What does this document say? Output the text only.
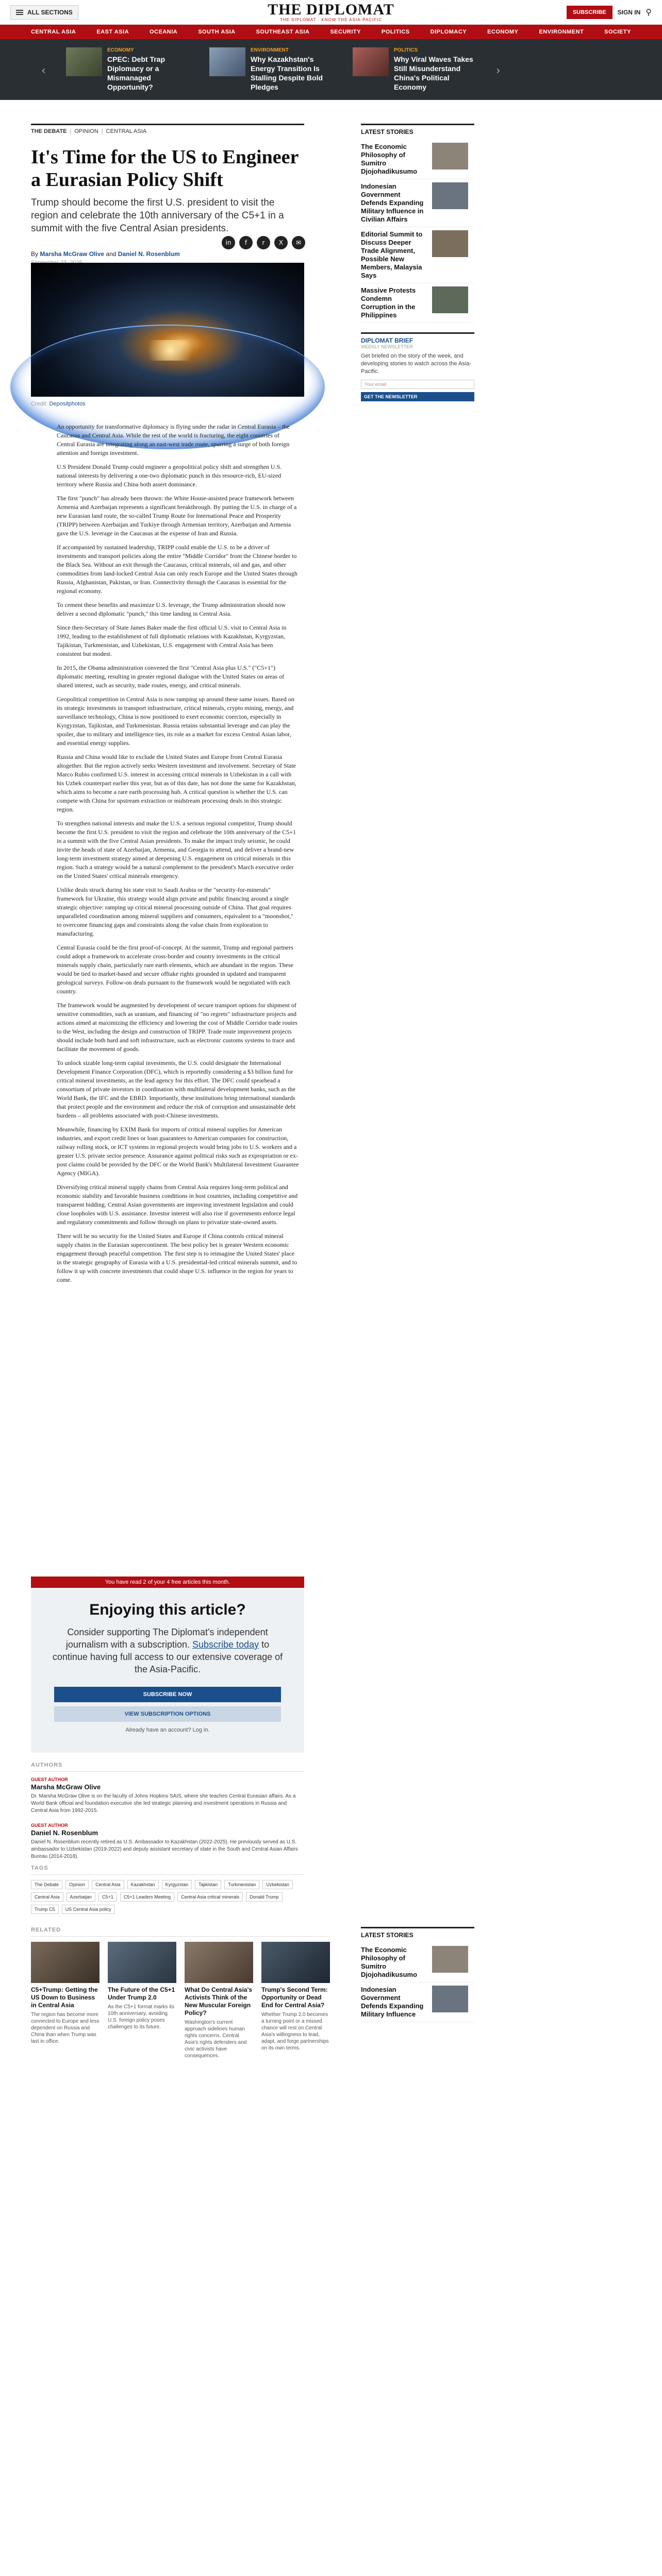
ALL SECTIONS	THE DIPLOMAT
THE DIPLOMAT · KNOW THE ASIA-PACIFIC
SUBSCRIBE	SIGN IN ⚲
CENTRAL ASIA	EAST ASIA	OCEANIA	SOUTH ASIA	SOUTHEAST ASIA	SECURITY	POLITICS	DIPLOMACY	ECONOMY	ENVIRONMENT	SOCIETY
‹
ECONOMY
CPEC: Debt Trap Diplomacy or a Mismanaged Opportunity?
ENVIRONMENT
Why Kazakhstan's Energy Transition Is Stalling Despite Bold Pledges
POLITICS
Why Viral Waves Takes Still Misunderstand China's Political Economy
›
THE DEBATE | OPINION | CENTRAL ASIA
It's Time for the US to Engineer a Eurasian Policy Shift
Trump should become the first U.S. president to visit the region and celebrate the 10th anniversary of the C5+1 in a summit with the five Central Asian presidents.
By Marsha McGraw Olive and Daniel N. Rosenblum
in	f	r	X	✉
Credit: Depositphotos

An opportunity for transformative diplomacy is flying under the radar in Central Eurasia – the Caucasus and Central Asia. While the rest of the world is fracturing, the eight countries of Central Eurasia are integrating along an east-west trade route, spurring a surge of both foreign attention and foreign investment.

U.S President Donald Trump could engineer a geopolitical policy shift and strengthen U.S. national interests by delivering a one-two diplomatic punch in this resource-rich, EU-sized territory where Russia and China both assert dominance.

The first "punch" has already been thrown: the White House-assisted peace framework between Armenia and Azerbaijan represents a significant breakthrough. By putting the U.S. in charge of a new Eurasian land route, the so-called Trump Route for International Peace and Prosperity (TRIPP) between Azerbaijan and Turkiye through Armenian territory, Azerbaijan and Armenia gave the U.S. leverage in the Caucasus at the expense of Iran and Russia.

If accompanied by sustained leadership, TRIPP could enable the U.S. to be a driver of investments and transport policies along the entire "Middle Corridor" from the Chinese border to the Black Sea. Without an exit through the Caucasus, critical minerals, oil and gas, and other commodities from land-locked Central Asia can only reach Europe and the United States through Russia, Afghanistan, Pakistan, or Iran. Connectivity through the Caucasus is essential for the regional economy.

To cement these benefits and maximize U.S. leverage, the Trump administration should now deliver a second diplomatic "punch," this time landing in Central Asia.

Since then-Secretary of State James Baker made the first official U.S. visit to Central Asia in 1992, leading to the establishment of full diplomatic relations with Kazakhstan, Kyrgyzstan, Tajikistan, Turkmenistan, and Uzbekistan, U.S. engagement with Central Asia has been consistent but modest.

In 2015, the Obama administration convened the first "Central Asia plus U.S." ("C5+1") diplomatic meeting, resulting in greater regional dialogue with the United States on areas of shared interest, such as security, trade routes, energy, and critical minerals.

Geopolitical competition in Central Asia is now ramping up around these same issues. Based on its strategic investments in transport infrastructure, critical minerals, crypto mining, energy, and surveillance technology, China is now positioned to exert economic coercion, especially in Kyrgyzstan, Tajikistan, and Turkmenistan. Russia retains substantial leverage and can play the spoiler, due to military and intelligence ties, its role as a market for excess Central Asian labor, and essential energy supplies.

Russia and China would like to exclude the United States and Europe from Central Eurasia altogether. But the region actively seeks Western investment and involvement. Secretary of State Marco Rubio confirmed U.S. interest in accessing critical minerals in Uzbekistan in a call with his Uzbek counterpart earlier this year, but as of this date, has not done the same for Kazakhstan, which aims to become a rare earth processing hub. A critical question is whether the U.S. can compete with China for upstream extraction or midstream processing deals in this strategic region.

To strengthen national interests and make the U.S. a serious regional competitor, Trump should become the first U.S. president to visit the region and celebrate the 10th anniversary of the C5+1 in a summit with the five Central Asian presidents. To make the impact truly seismic, he could invite the heads of state of Azerbaijan, Armenia, and Georgia to attend, and deliver a brand-new long-term investment strategy aimed at deepening U.S. engagement on critical minerals in this region. Such a strategy would be a natural complement to the president's March executive order on the United States' critical minerals emergency.

Unlike deals struck during his state visit to Saudi Arabia or the "security-for-minerals" framework for Ukraine, this strategy would align private and public financing around a single strategic objective: ramping up critical mineral processing outside of China. That goal requires unparalleled coordination among mineral suppliers and consumers, equivalent to a "moonshot," to overcome financing gaps and constraints along the value chain from exploration to manufacturing.

Central Eurasia could be the first proof-of-concept. At the summit, Trump and regional partners could adopt a framework to accelerate cross-border and country investments in the critical minerals supply chain, particularly rare earth elements, which are abundant in the region. These would be tied to market-based and secure offtake rights grounded in updated and transparent geological surveys. Follow-on deals pursuant to the framework would be negotiated with each country.

The framework would be augmented by development of secure transport options for shipment of sensitive commodities, such as uranium, and financing of "no regrets" infrastructure projects and actions aimed at maximizing the efficiency and lowering the cost of Middle Corridor trade routes to the West, including the design and construction of TRIPP. Trade route improvement projects should include both hard and soft infrastructure, such as electronic customs systems to trace and facilitate the movement of goods.

To unlock sizable long-term capital investments, the U.S. could designate the International Development Finance Corporation (DFC), which is reportedly considering a $3 billion fund for critical mineral investments, as the lead agency for this effort. The DFC could spearhead a consortium of private investors in coordination with multilateral development banks, such as the World Bank, the IFC and the EBRD. Importantly, these institutions bring international standards that protect people and the environment and reduce the risk of corruption and unsustainable debt burdens – all problems associated with post-Chinese investments.

Meanwhile, financing by EXIM Bank for imports of critical mineral supplies for American industries, and export credit lines or loan guarantees to American companies for construction, railway rolling stock, or ICT systems in regional projects would bring jobs to U.S. workers and a greater U.S. private sector presence. Assurance against political risks such as expropriation or ex-post claims could be provided by the DFC or the World Bank's Multilateral Investment Guarantee Agency (MIGA).

Diversifying critical mineral supply chains from Central Asia requires long-term political and economic stability and favorable business conditions in host countries, including competitive and transparent bidding. Central Asian governments are improving investment legislation and could close loopholes with U.S. assistance. Investor interest will also rise if governments enforce legal and regulatory commitments and follow through on plans to privatize state-owned assets.

There will be no security for the United States and Europe if China controls critical mineral supply chains in the Eurasian supercontinent. The best policy bet is greater Western economic engagement through peaceful competition. The first step is to reimagine the United States' place in the strategic geography of Eurasia with a U.S. presidential-led critical minerals summit, and to follow it up with concrete investments that could shape U.S. influence in the region for years to come.

You have read 2 of your 4 free articles this month.
Enjoying this article?
Consider supporting The Diplomat's independent journalism with a subscription. Subscribe today to continue having full access to our extensive coverage of the Asia-Pacific.
SUBSCRIBE NOW
VIEW SUBSCRIPTION OPTIONS
Already have an account? Log in.
AUTHORS
GUEST AUTHOR
Marsha McGraw Olive
Dr. Marsha McGraw Olive is on the faculty of Johns Hopkins SAIS, where she teaches Central Eurasian affairs. As a World Bank official and foundation executive she led strategic planning and investment operations in Russia and Central Asia from 1992-2015.
GUEST AUTHOR
Daniel N. Rosenblum
Daniel N. Rosenblum recently retired as U.S. Ambassador to Kazakhstan (2022-2025). He previously served as U.S. ambassador to Uzbekistan (2019-2022) and deputy assistant secretary of state in the South and Central Asian Affairs Bureau (2014-2018).
TAGS
The Debate	Opinion	Central Asia	Kazakhstan	Kyrgyzstan	Tajikistan	Turkmenistan	Uzbekistan
Central Asia	Azerbaijan	C5+1	C5+1 Leaders Meeting	Central Asia critical minerals	Donald Trump
Trump C5	US Central Asia policy
RELATED
C5+Trump: Getting the US Down to Business in Central Asia
The region has become more connected to Europe and less dependent on Russia and China than when Trump was last in office.
The Future of the C5+1 Under Trump 2.0
As the C5+1 format marks its 10th anniversary, avoiding U.S. foreign policy poses challenges to its future.
What Do Central Asia's Activists Think of the New Muscular Foreign Policy?
Washington's current approach sidelines human rights concerns. Central Asia's rights defenders and civic activists have consequences.
Trump's Second Term: Opportunity or Dead End for Central Asia?
Whether Trump 2.0 becomes a turning point or a missed chance will rest on Central Asia's willingness to lead, adapt, and forge partnerships on its own terms.
LATEST STORIES
The Economic Philosophy of Sumitro Djojohadikusumo
Indonesian Government Defends Expanding Military Influence in Civilian Affairs
Editorial Summit to Discuss Deeper Trade Alignment, Possible New Members, Malaysia Says
Massive Protests Condemn Corruption in the Philippines
DIPLOMAT BRIEF
WEEKLY NEWSLETTER
Get briefed on the story of the week, and developing stories to watch across the Asia-Pacific.
Your email
GET THE NEWSLETTER
LATEST STORIES
The Economic Philosophy of Sumitro Djojohadikusumo
Indonesian Government Defends Expanding Military Influence
